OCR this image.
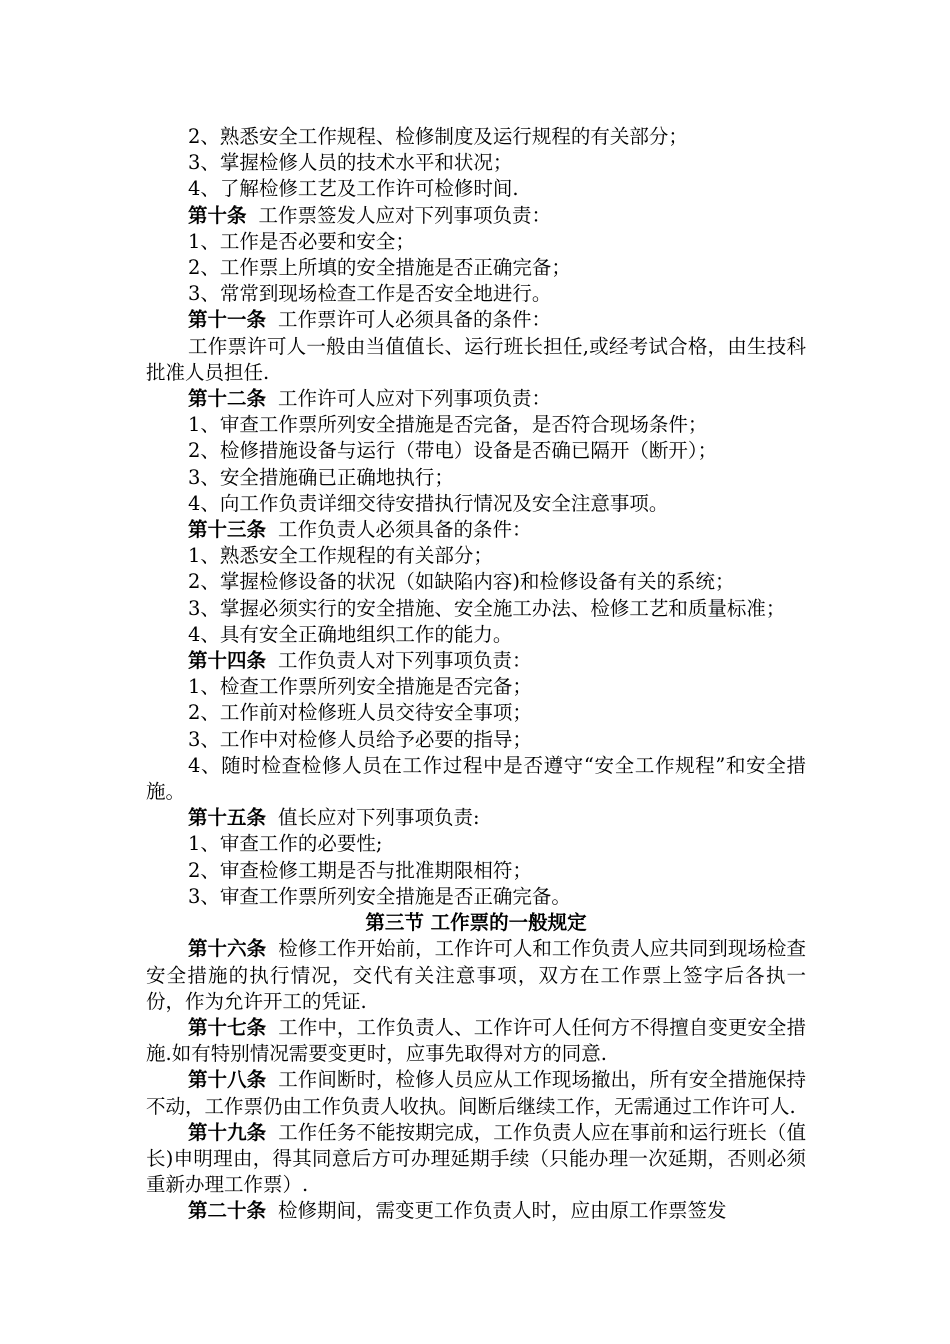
2、熟悉安全工作规程、检修制度及运行规程的有关部分；

3、掌握检修人员的技术水平和状况；

4、了解检修工艺及工作许可检修时间.

第十条 工作票签发人应对下列事项负责：

1、工作是否必要和安全；

2、工作票上所填的安全措施是否正确完备；

3、常常到现场检查工作是否安全地进行。

第十一条 工作票许可人必须具备的条件：

工作票许可人一般由当值值长、运行班长担任,或经考试合格，由生技科批准人员担任.

第十二条 工作许可人应对下列事项负责：

1、审查工作票所列安全措施是否完备，是否符合现场条件；

2、检修措施设备与运行（带电）设备是否确已隔开（断开）；

3、安全措施确已正确地执行；

4、向工作负责详细交待安措执行情况及安全注意事项。

第十三条 工作负责人必须具备的条件：

1、熟悉安全工作规程的有关部分；

2、掌握检修设备的状况（如缺陷内容)和检修设备有关的系统；

3、掌握必须实行的安全措施、安全施工办法、检修工艺和质量标准；

4、具有安全正确地组织工作的能力。

第十四条 工作负责人对下列事项负责：

1、检查工作票所列安全措施是否完备；

2、工作前对检修班人员交待安全事项；

3、工作中对检修人员给予必要的指导；

4、随时检查检修人员在工作过程中是否遵守“安全工作规程”和安全措施。

第十五条 值长应对下列事项负责:

1、审查工作的必要性;

2、审查检修工期是否与批准期限相符；

3、审查工作票所列安全措施是否正确完备。

第三节 工作票的一般规定

第十六条 检修工作开始前，工作许可人和工作负责人应共同到现场检查安全措施的执行情况，交代有关注意事项，双方在工作票上签字后各执一份，作为允许开工的凭证.

第十七条 工作中，工作负责人、工作许可人任何方不得擅自变更安全措施.如有特别情况需要变更时，应事先取得对方的同意.

第十八条 工作间断时，检修人员应从工作现场撤出，所有安全措施保持不动，工作票仍由工作负责人收执。间断后继续工作，无需通过工作许可人.

第十九条 工作任务不能按期完成，工作负责人应在事前和运行班长（值长)申明理由，得其同意后方可办理延期手续（只能办理一次延期，否则必须重新办理工作票）.

第二十条 检修期间，需变更工作负责人时，应由原工作票签发
